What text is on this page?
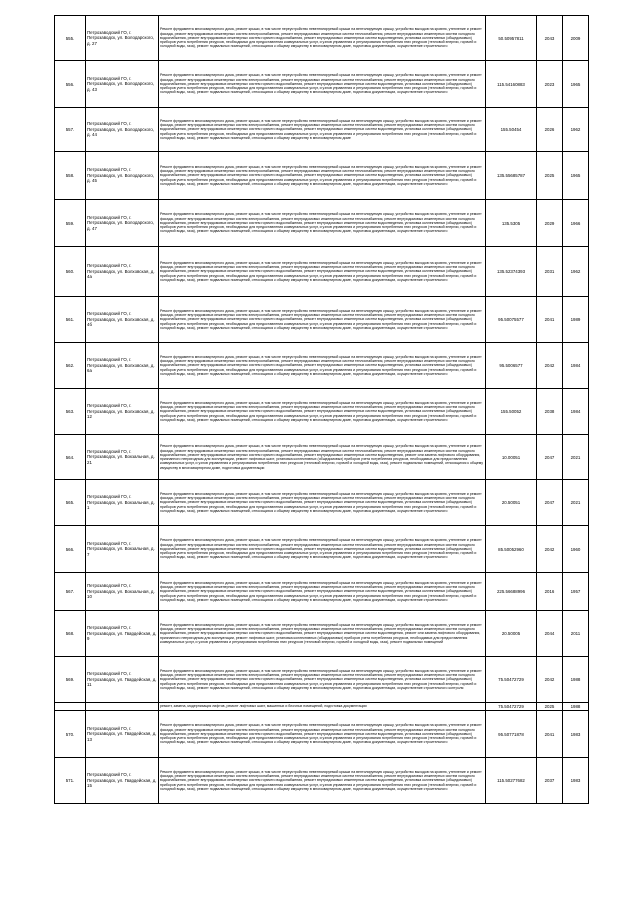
555.	Петрозаводский ГО, г. Петрозаводск, ул. Володарского, д. 27	Ремонт фундамента многоквартирного дома, ремонт крыши, в том числе переустройство невентилируемой крыши на вентилируемую крышу, устройство выходов на кровлю, утепление и ремонт фасада, ремонт внутридомовых инженерных систем электроснабжения, ремонт внутридомовых инженерных систем теплоснабжения, ремонт внутридомовых инженерных систем холодного водоснабжения, ремонт внутридомовых инженерных систем горячего водоснабжения, ремонт внутридомовых инженерных систем водоотведения, установка коллективных (общедомовых) приборов учета потребления ресурсов, необходимых для предоставления коммунальных услуг, и узлов управления и регулирования потребления этих ресурсов (тепловой энергии, горячей и холодной воды, газа), ремонт подвальных помещений, относящихся к общему имуществу в многоквартирном доме, подготовка документации, осуществление строительного	50.50957811	2043	2009
556.	Петрозаводский ГО, г. Петрозаводск, ул. Володарского, д. 43	Ремонт фундамента многоквартирного дома, ремонт крыши, в том числе переустройство невентилируемой крыши на вентилируемую крышу, устройство выходов на кровлю, утепление и ремонт фасада, ремонт внутридомовых инженерных систем электроснабжения, ремонт внутридомовых инженерных систем теплоснабжения, ремонт внутридомовых инженерных систем холодного водоснабжения, ремонт внутридомовых инженерных систем горячего водоснабжения, ремонт внутридомовых инженерных систем водоотведения, установка коллективных (общедомовых) приборов учета потребления ресурсов, необходимых для предоставления коммунальных услуг, и узлов управления и регулирования потребления этих ресурсов (тепловой энергии, горячей и холодной воды, газа), ремонт подвальных помещений, относящихся к общему имуществу в многоквартирном доме, подготовка документации, осуществление строительного	115.54160883	2023	1965
557.	Петрозаводский ГО, г. Петрозаводск, ул. Володарского, д. 44	Ремонт фундамента многоквартирного дома, ремонт крыши, в том числе переустройство невентилируемой крыши на вентилируемую крышу, устройство выходов на кровлю, утепление и ремонт фасада, ремонт внутридомовых инженерных систем электроснабжения, ремонт внутридомовых инженерных систем теплоснабжения, ремонт внутридомовых инженерных систем холодного водоснабжения, ремонт внутридомовых инженерных систем горячего водоснабжения, ремонт внутридомовых инженерных систем водоотведения, установка коллективных (общедомовых) приборов учета потребления ресурсов, необходимых для предоставления коммунальных услуг, и узлов управления и регулирования потребления этих ресурсов (тепловой энергии, горячей и холодной воды, газа), ремонт подвальных помещений, относящихся к общему имуществу в многоквартирном доме	155.50454	2026	1962
558.	Петрозаводский ГО, г. Петрозаводск, ул. Володарского, д. 45	Ремонт фундамента многоквартирного дома, ремонт крыши, в том числе переустройство невентилируемой крыши на вентилируемую крышу, устройство выходов на кровлю, утепление и ремонт фасада, ремонт внутридомовых инженерных систем электроснабжения, ремонт внутридомовых инженерных систем теплоснабжения, ремонт внутридомовых инженерных систем холодного водоснабжения, ремонт внутридомовых инженерных систем горячего водоснабжения, ремонт внутридомовых инженерных систем водоотведения, установка коллективных (общедомовых) приборов учета потребления ресурсов, необходимых для предоставления коммунальных услуг, и узлов управления и регулирования потребления этих ресурсов (тепловой энергии, горячей и холодной воды, газа), ремонт подвальных помещений, относящихся к общему имуществу в многоквартирном доме, подготовка документации, осуществление строительного	135.55685787	2025	1965
559.	Петрозаводский ГО, г. Петрозаводск, ул. Володарского, д. 47	Ремонт фундамента многоквартирного дома, ремонт крыши, в том числе переустройство невентилируемой крыши на вентилируемую крышу, устройство выходов на кровлю, утепление и ремонт фасада, ремонт внутридомовых инженерных систем электроснабжения, ремонт внутридомовых инженерных систем теплоснабжения, ремонт внутридомовых инженерных систем холодного водоснабжения, ремонт внутридомовых инженерных систем горячего водоснабжения, ремонт внутридомовых инженерных систем водоотведения, установка коллективных (общедомовых) приборов учета потребления ресурсов, необходимых для предоставления коммунальных услуг, и узлов управления и регулирования потребления этих ресурсов (тепловой энергии, горячей и холодной воды, газа), ремонт подвальных помещений, относящихся к общему имуществу в многоквартирном доме, подготовка документации, осуществление строительного	135.5305	2029	1966
560.	Петрозаводский ГО, г. Петрозаводск, ул. Волховская, д. 4а	Ремонт фундамента многоквартирного дома, ремонт крыши, в том числе переустройство невентилируемой крыши на вентилируемую крышу, устройство выходов на кровлю, утепление и ремонт фасада, ремонт внутридомовых инженерных систем электроснабжения, ремонт внутридомовых инженерных систем теплоснабжения, ремонт внутридомовых инженерных систем холодного водоснабжения, ремонт внутридомовых инженерных систем горячего водоснабжения, ремонт внутридомовых инженерных систем водоотведения, установка коллективных (общедомовых) приборов учета потребления ресурсов, необходимых для предоставления коммунальных услуг, и узлов управления и регулирования потребления этих ресурсов (тепловой энергии, горячей и холодной воды, газа), ремонт подвальных помещений, относящихся к общему имуществу в многоквартирном доме, подготовка документации, осуществление строительного	135.52374393	2031	1962
561.	Петрозаводский ГО, г. Петрозаводск, ул. Волховская, д. 4б	Ремонт фундамента многоквартирного дома, ремонт крыши, в том числе переустройство невентилируемой крыши на вентилируемую крышу, устройство выходов на кровлю, утепление и ремонт фасада, ремонт внутридомовых инженерных систем электроснабжения, ремонт внутридомовых инженерных систем теплоснабжения, ремонт внутридомовых инженерных систем холодного водоснабжения, ремонт внутридомовых инженерных систем горячего водоснабжения, ремонт внутридомовых инженерных систем водоотведения, установка коллективных (общедомовых) приборов учета потребления ресурсов, необходимых для предоставления коммунальных услуг, и узлов управления и регулирования потребления этих ресурсов (тепловой энергии, горячей и холодной воды, газа), ремонт подвальных помещений, относящихся к общему имуществу в многоквартирном доме, подготовка документации, осуществление строительного	95.50075577	2041	1989
562.	Петрозаводский ГО, г. Петрозаводск, ул. Волховская, д. 6а	Ремонт фундамента многоквартирного дома, ремонт крыши, в том числе переустройство невентилируемой крыши на вентилируемую крышу, устройство выходов на кровлю, утепление и ремонт фасада, ремонт внутридомовых инженерных систем электроснабжения, ремонт внутридомовых инженерных систем теплоснабжения, ремонт внутридомовых инженерных систем холодного водоснабжения, ремонт внутридомовых инженерных систем горячего водоснабжения, ремонт внутридомовых инженерных систем водоотведения, установка коллективных (общедомовых) приборов учета потребления ресурсов, необходимых для предоставления коммунальных услуг, и узлов управления и регулирования потребления этих ресурсов (тепловой энергии, горячей и холодной воды, газа), ремонт подвальных помещений, относящихся к общему имуществу в многоквартирном доме, подготовка документации, осуществление строительного	95.5006577	2042	1984
563.	Петрозаводский ГО, г. Петрозаводск, ул. Волховская, д. 12	Ремонт фундамента многоквартирного дома, ремонт крыши, в том числе переустройство невентилируемой крыши на вентилируемую крышу, устройство выходов на кровлю, утепление и ремонт фасада, ремонт внутридомовых инженерных систем электроснабжения, ремонт внутридомовых инженерных систем теплоснабжения, ремонт внутридомовых инженерных систем холодного водоснабжения, ремонт внутридомовых инженерных систем горячего водоснабжения, ремонт внутридомовых инженерных систем водоотведения, установка коллективных (общедомовых) приборов учета потребления ресурсов, необходимых для предоставления коммунальных услуг, и узлов управления и регулирования потребления этих ресурсов (тепловой энергии, горячей и холодной воды, газа), ремонт подвальных помещений, относящихся к общему имуществу в многоквартирном доме, подготовка документации, осуществление строительного	155.50052	2038	1984
564.	Петрозаводский ГО, г. Петрозаводск, ул. Вокзальная, д. 21	Ремонт фундамента многоквартирного дома, ремонт крыши, в том числе переустройство невентилируемой крыши на вентилируемую крышу, устройство выходов на кровлю, утепление и ремонт фасада, ремонт внутридомовых инженерных систем электроснабжения, ремонт внутридомовых инженерных систем теплоснабжения, ремонт внутридомовых инженерных систем холодного водоснабжения, ремонт внутридомовых инженерных систем горячего водоснабжения, ремонт внутридомовых инженерных систем водоотведения, ремонт или замена лифтового оборудования, признанного непригодным для эксплуатации, ремонт лифтовых шахт, установка коллективных (общедомовых) приборов учета потребления ресурсов, необходимых для предоставления коммунальных услуг, и узлов управления и регулирования потребления этих ресурсов (тепловой энергии, горячей и холодной воды, газа), ремонт подвальных помещений, относящихся к общему имуществу в многоквартирном доме, подготовка документации	10.00051	2047	2021
565.	Петрозаводский ГО, г. Петрозаводск, ул. Вокзальная, д. 1	Ремонт фундамента многоквартирного дома, ремонт крыши, в том числе переустройство невентилируемой крыши на вентилируемую крышу, устройство выходов на кровлю, утепление и ремонт фасада, ремонт внутридомовых инженерных систем электроснабжения, ремонт внутридомовых инженерных систем теплоснабжения, ремонт внутридомовых инженерных систем холодного водоснабжения, ремонт внутридомовых инженерных систем горячего водоснабжения, ремонт внутридомовых инженерных систем водоотведения, установка коллективных (общедомовых) приборов учета потребления ресурсов, необходимых для предоставления коммунальных услуг, и узлов управления и регулирования потребления этих ресурсов (тепловой энергии, горячей и холодной воды, газа), ремонт подвальных помещений, относящихся к общему имуществу в многоквартирном доме, подготовка документации, осуществление строительного	20.50051	2047	2021
566.	Петрозаводский ГО, г. Петрозаводск, ул. Вокзальная, д. 7	Ремонт фундамента многоквартирного дома, ремонт крыши, в том числе переустройство невентилируемой крыши на вентилируемую крышу, устройство выходов на кровлю, утепление и ремонт фасада, ремонт внутридомовых инженерных систем электроснабжения, ремонт внутридомовых инженерных систем теплоснабжения, ремонт внутридомовых инженерных систем холодного водоснабжения, ремонт внутридомовых инженерных систем горячего водоснабжения, ремонт внутридомовых инженерных систем водоотведения, установка коллективных (общедомовых) приборов учета потребления ресурсов, необходимых для предоставления коммунальных услуг, и узлов управления и регулирования потребления этих ресурсов (тепловой энергии, горячей и холодной воды, газа), ремонт подвальных помещений, относящихся к общему имуществу в многоквартирном доме, подготовка документации, осуществление строительного	85.50052960	2042	1960
567.	Петрозаводский ГО, г. Петрозаводск, ул. Вокзальная, д. 10	Ремонт фундамента многоквартирного дома, ремонт крыши, в том числе переустройство невентилируемой крыши на вентилируемую крышу, устройство выходов на кровлю, утепление и ремонт фасада, ремонт внутридомовых инженерных систем электроснабжения, ремонт внутридомовых инженерных систем теплоснабжения, ремонт внутридомовых инженерных систем холодного водоснабжения, ремонт внутридомовых инженерных систем горячего водоснабжения, ремонт внутридомовых инженерных систем водоотведения, установка коллективных (общедомовых) приборов учета потребления ресурсов, необходимых для предоставления коммунальных услуг, и узлов управления и регулирования потребления этих ресурсов (тепловой энергии, горячей и холодной воды, газа), ремонт подвальных помещений, относящихся к общему имуществу в многоквартирном доме, подготовка документации, осуществление строительного	225.56688996	2016	1957
568.	Петрозаводский ГО, г. Петрозаводск, ул. Гвардейская, д. 9	Ремонт фундамента многоквартирного дома, ремонт крыши, в том числе переустройство невентилируемой крыши на вентилируемую крышу, устройство выходов на кровлю, утепление и ремонт фасада, ремонт внутридомовых инженерных систем электроснабжения, ремонт внутридомовых инженерных систем теплоснабжения, ремонт внутридомовых инженерных систем холодного водоснабжения, ремонт внутридомовых инженерных систем горячего водоснабжения, ремонт внутридомовых инженерных систем водоотведения, ремонт или замена лифтового оборудования, признанного непригодным для эксплуатации, ремонт лифтовых шахт, установка коллективных (общедомовых) приборов учета потребления ресурсов, необходимых для предоставления коммунальных услуг, и узлов управления и регулирования потребления этих ресурсов (тепловой энергии, горячей и холодной воды, газа), ремонт подвальных помещений	20.50005	2044	2011
569.	Петрозаводский ГО, г. Петрозаводск, ул. Гвардейская, д. 11	Ремонт фундамента многоквартирного дома, ремонт крыши, в том числе переустройство невентилируемой крыши на вентилируемую крышу, устройство выходов на кровлю, утепление и ремонт фасада, ремонт внутридомовых инженерных систем электроснабжения, ремонт внутридомовых инженерных систем теплоснабжения, ремонт внутридомовых инженерных систем холодного водоснабжения, ремонт внутридомовых инженерных систем горячего водоснабжения, ремонт внутридомовых инженерных систем водоотведения, установка коллективных (общедомовых) приборов учета потребления ресурсов, необходимых для предоставления коммунальных услуг, и узлов управления и регулирования потребления этих ресурсов (тепловой энергии, горячей и холодной воды, газа), ремонт подвальных помещений, относящихся к общему имуществу в многоквартирном доме, подготовка документации, осуществление строительного контроля	75.50472729	2042	1988

		ремонт, замена, модернизация лифтов, ремонт лифтовых шахт, машинных и блочных помещений, подготовка документации	75.50472729	2025	1988
570.	Петрозаводский ГО, г. Петрозаводск, ул. Гвардейская, д. 13	Ремонт фундамента многоквартирного дома, ремонт крыши, в том числе переустройство невентилируемой крыши на вентилируемую крышу, устройство выходов на кровлю, утепление и ремонт фасада, ремонт внутридомовых инженерных систем электроснабжения, ремонт внутридомовых инженерных систем теплоснабжения, ремонт внутридомовых инженерных систем холодного водоснабжения, ремонт внутридомовых инженерных систем горячего водоснабжения, ремонт внутридомовых инженерных систем водоотведения, установка коллективных (общедомовых) приборов учета потребления ресурсов, необходимых для предоставления коммунальных услуг, и узлов управления и регулирования потребления этих ресурсов (тепловой энергии, горячей и холодной воды, газа), ремонт подвальных помещений, относящихся к общему имуществу в многоквартирном доме, подготовка документации, осуществление строительного	95.50771878	2041	1983
571.	Петрозаводский ГО, г. Петрозаводск, ул. Гвардейская, д. 15	Ремонт фундамента многоквартирного дома, ремонт крыши, в том числе переустройство невентилируемой крыши на вентилируемую крышу, устройство выходов на кровлю, утепление и ремонт фасада, ремонт внутридомовых инженерных систем электроснабжения, ремонт внутридомовых инженерных систем теплоснабжения, ремонт внутридомовых инженерных систем холодного водоснабжения, ремонт внутридомовых инженерных систем горячего водоснабжения, ремонт внутридомовых инженерных систем водоотведения, установка коллективных (общедомовых) приборов учета потребления ресурсов, необходимых для предоставления коммунальных услуг, и узлов управления и регулирования потребления этих ресурсов (тепловой энергии, горячей и холодной воды, газа), ремонт подвальных помещений, относящихся к общему имуществу в многоквартирном доме, подготовка документации, осуществление строительного	115.50277682	2037	1983
